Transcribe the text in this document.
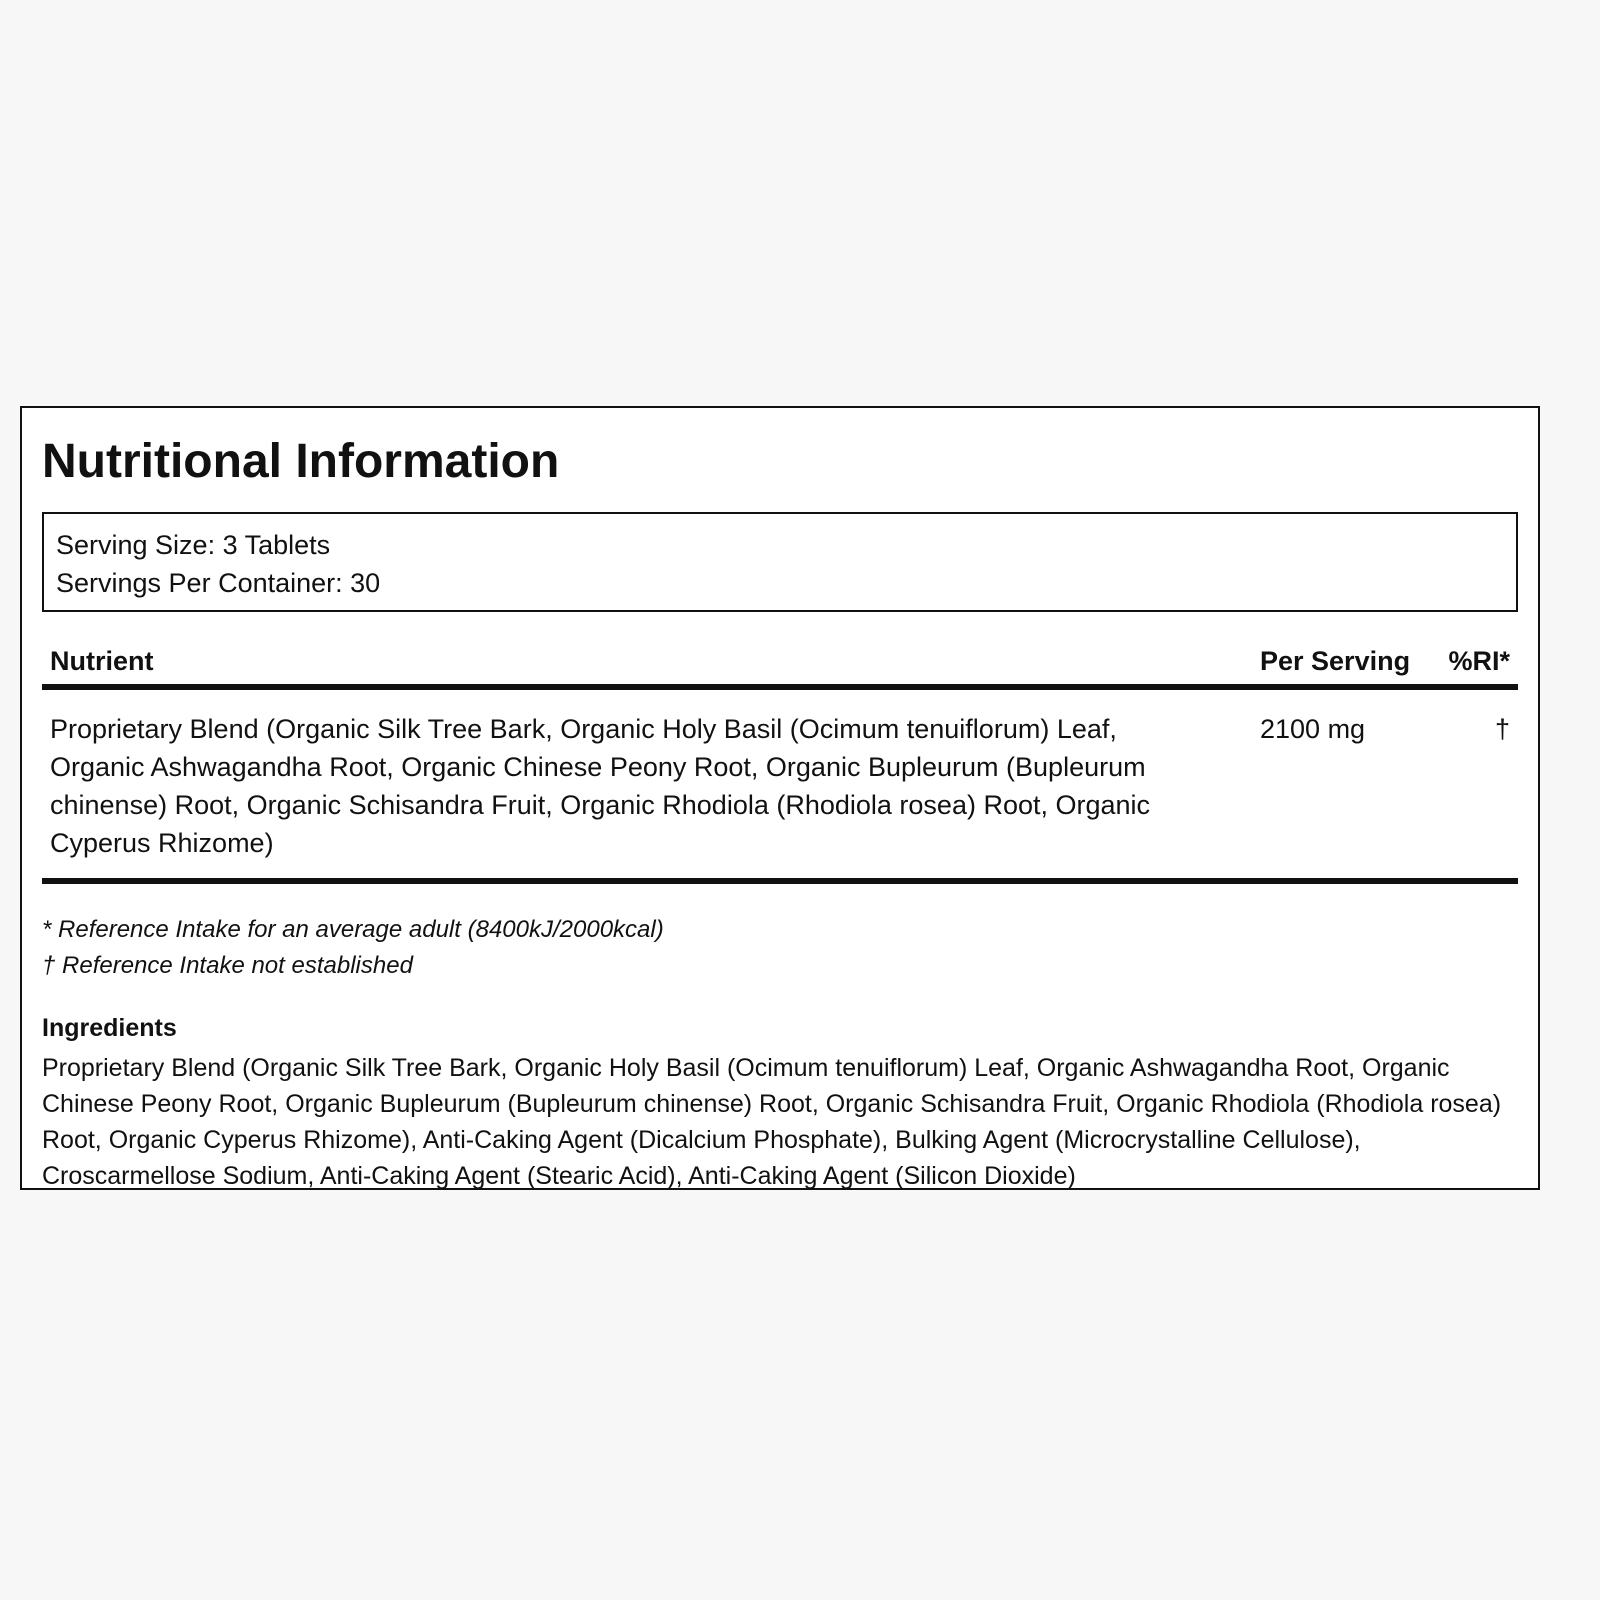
Nutritional Information
Serving Size: 3 Tablets
Servings Per Container: 30
Nutrient	Per Serving	%RI*
Proprietary Blend (Organic Silk Tree Bark, Organic Holy Basil (Ocimum tenuiflorum) Leaf, Organic Ashwagandha Root, Organic Chinese Peony Root, Organic Bupleurum (Bupleurum chinense) Root, Organic Schisandra Fruit, Organic Rhodiola (Rhodiola rosea) Root, Organic Cyperus Rhizome)
2100 mg	†
* Reference Intake for an average adult (8400kJ/2000kcal)
† Reference Intake not established
Ingredients
Proprietary Blend (Organic Silk Tree Bark, Organic Holy Basil (Ocimum tenuiflorum) Leaf, Organic Ashwagandha Root, Organic Chinese Peony Root, Organic Bupleurum (Bupleurum chinense) Root, Organic Schisandra Fruit, Organic Rhodiola (Rhodiola rosea) Root, Organic Cyperus Rhizome), Anti-Caking Agent (Dicalcium Phosphate), Bulking Agent (Microcrystalline Cellulose), Croscarmellose Sodium, Anti-Caking Agent (Stearic Acid), Anti-Caking Agent (Silicon Dioxide)
